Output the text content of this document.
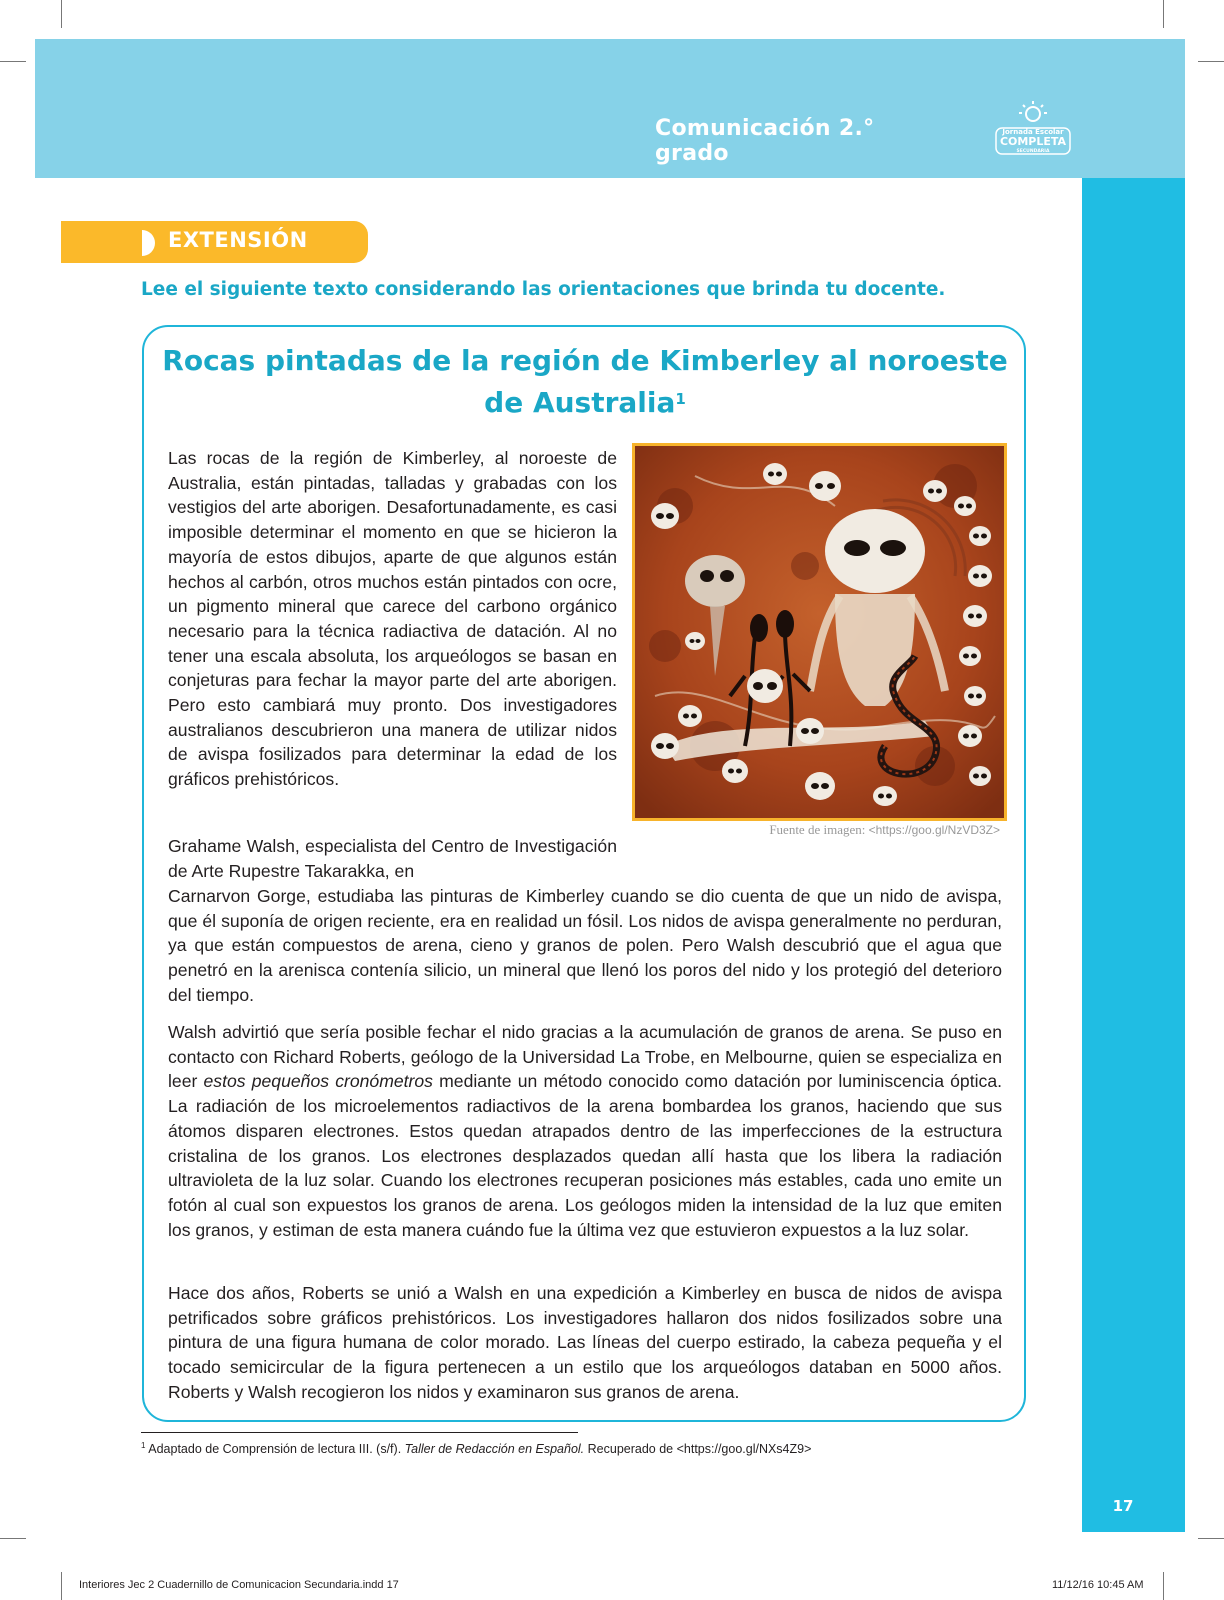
Comunicación 2.° grado
Jornada Escolar
COMPLETA
SECUNDARIA
EXTENSIÓN
Lee el siguiente texto considerando las orientaciones que brinda tu docente.
Rocas pintadas de la región de Kimberley al noroeste de Australia$^1$
Fuente de imagen: <https://goo.gl/NzVD3Z>
Las rocas de la región de Kimberley, al noroeste de Australia, están pintadas, talladas y grabadas con los vestigios del arte aborigen. Desafortunadamente, es casi imposible determinar el momento en que se hicieron la mayoría de estos dibujos, aparte de que algunos están hechos al carbón, otros muchos están pintados con ocre, un pigmento mineral que carece del carbono orgánico necesario para la técnica radiactiva de datación. Al no tener una escala absoluta, los arqueólogos se basan en conjeturas para fechar la mayor parte del arte aborigen. Pero esto cambiará muy pronto. Dos investigadores australianos descubrieron una manera de utilizar nidos de avispa fosilizados para determinar la edad de los gráficos prehistóricos.
Grahame Walsh, especialista del Centro de Investigación de Arte Rupestre Takarakka, en
Carnarvon Gorge, estudiaba las pinturas de Kimberley cuando se dio cuenta de que un nido de avispa, que él suponía de origen reciente, era en realidad un fósil. Los nidos de avispa generalmente no perduran, ya que están compuestos de arena, cieno y granos de polen. Pero Walsh descubrió que el agua que penetró en la arenisca contenía silicio, un mineral que llenó los poros del nido y los protegió del deterioro del tiempo.
Walsh advirtió que sería posible fechar el nido gracias a la acumulación de granos de arena. Se puso en contacto con Richard Roberts, geólogo de la Universidad La Trobe, en Melbourne, quien se especializa en leer estos pequeños cronómetros mediante un método conocido como datación por luminiscencia óptica. La radiación de los microelementos radiactivos de la arena bombardea los granos, haciendo que sus átomos disparen electrones. Estos quedan atrapados dentro de las imperfecciones de la estructura cristalina de los granos. Los electrones desplazados quedan allí hasta que los libera la radiación ultravioleta de la luz solar. Cuando los electrones recuperan posiciones más estables, cada uno emite un fotón al cual son expuestos los granos de arena. Los geólogos miden la intensidad de la luz que emiten los granos, y estiman de esta manera cuándo fue la última vez que estuvieron expuestos a la luz solar.
Hace dos años, Roberts se unió a Walsh en una expedición a Kimberley en busca de nidos de avispa petrificados sobre gráficos prehistóricos. Los investigadores hallaron dos nidos fosilizados sobre una pintura de una figura humana de color morado. Las líneas del cuerpo estirado, la cabeza pequeña y el tocado semicircular de la figura pertenecen a un estilo que los arqueólogos databan en 5000 años. Roberts y Walsh recogieron los nidos y examinaron sus granos de arena.
$^1$ Adaptado de Comprensión de lectura III. (s/f). Taller de Redacción en Español. Recuperado de <https://goo.gl/NXs4Z9>
17
Interiores Jec 2 Cuadernillo de Comunicacion Secundaria.indd 17	11/12/16 10:45 AM
